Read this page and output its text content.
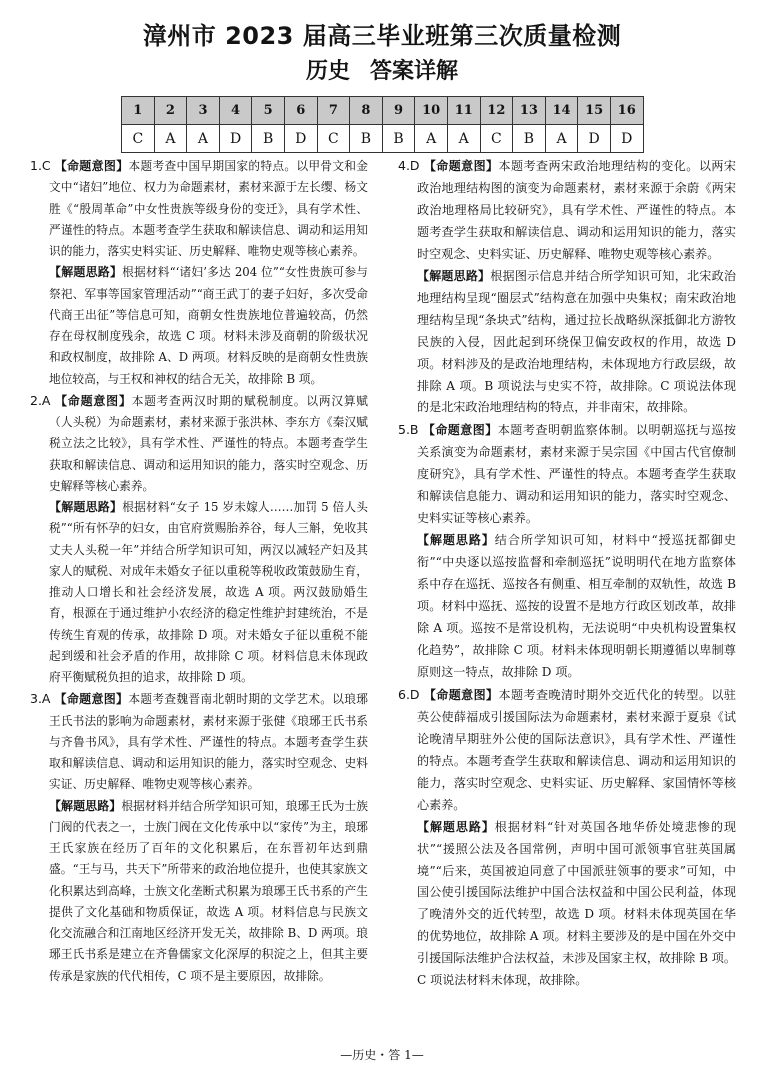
漳州市 2023 届高三毕业班第三次质量检测
历史 答案详解
1	2	3	4	5	6	7	8	9	10	11	12	13	14	15	16
C	A	A	D	B	D	C	B	B	A	A	C	B	A	D	D

1.C 【命题意图】本题考查中国早期国家的特点。以甲骨文和金文中“诸妇”地位、权力为命题素材，素材来源于左长缨、杨文胜《“殷周革命”中女性贵族等级身份的变迁》，具有学术性、严谨性的特点。本题考查学生获取和解读信息、调动和运用知识的能力，落实史料实证、历史解释、唯物史观等核心素养。

【解题思路】根据材料“‘诸妇’多达 204 位”“女性贵族可参与祭祀、军事等国家管理活动”“商王武丁的妻子妇好，多次受命代商王出征”等信息可知，商朝女性贵族地位普遍较高，仍然存在母权制度残余，故选 C 项。材料未涉及商朝的阶级状况和政权制度，故排除 A、D 两项。材料反映的是商朝女性贵族地位较高，与王权和神权的结合无关，故排除 B 项。

2.A 【命题意图】本题考查两汉时期的赋税制度。以两汉算赋（人头税）为命题素材，素材来源于张洪林、李东方《秦汉赋税立法之比较》，具有学术性、严谨性的特点。本题考查学生获取和解读信息、调动和运用知识的能力，落实时空观念、历史解释等核心素养。

【解题思路】根据材料“女子 15 岁未嫁人……加罚 5 倍人头税”“所有怀孕的妇女，由官府赏赐胎养谷，每人三斛，免收其丈夫人头税一年”并结合所学知识可知，两汉以减轻产妇及其家人的赋税、对成年未婚女子征以重税等税收政策鼓励生育，推动人口增长和社会经济发展，故选 A 项。两汉鼓励婚生育，根源在于通过维护小农经济的稳定性维护封建统治，不是传统生育观的传承，故排除 D 项。对未婚女子征以重税不能起到缓和社会矛盾的作用，故排除 C 项。材料信息未体现政府平衡赋税负担的追求，故排除 D 项。

3.A 【命题意图】本题考查魏晋南北朝时期的文学艺术。以琅琊王氏书法的影响为命题素材，素材来源于张健《琅琊王氏书系与齐鲁书风》，具有学术性、严谨性的特点。本题考查学生获取和解读信息、调动和运用知识的能力，落实时空观念、史料实证、历史解释、唯物史观等核心素养。

【解题思路】根据材料并结合所学知识可知，琅琊王氏为士族门阀的代表之一，士族门阀在文化传承中以“家传”为主，琅琊王氏家族在经历了百年的文化积累后，在东晋初年达到鼎盛。“王与马，共天下”所带来的政治地位提升，也使其家族文化积累达到高峰，士族文化垄断式积累为琅琊王氏书系的产生提供了文化基础和物质保证，故选 A 项。材料信息与民族文化交流融合和江南地区经济开发无关，故排除 B、D 两项。琅琊王氏书系是建立在齐鲁儒家文化深厚的积淀之上，但其主要传承是家族的代代相传，C 项不是主要原因，故排除。

4.D 【命题意图】本题考查两宋政治地理结构的变化。以两宋政治地理结构图的演变为命题素材，素材来源于余蔚《两宋政治地理格局比较研究》，具有学术性、严谨性的特点。本题考查学生获取和解读信息、调动和运用知识的能力，落实时空观念、史料实证、历史解释、唯物史观等核心素养。

【解题思路】根据图示信息并结合所学知识可知，北宋政治地理结构呈现“圈层式”结构意在加强中央集权；南宋政治地理结构呈现“条块式”结构，通过拉长战略纵深抵御北方游牧民族的入侵，因此起到环绕保卫偏安政权的作用，故选 D 项。材料涉及的是政治地理结构，未体现地方行政层级，故排除 A 项。B 项说法与史实不符，故排除。C 项说法体现的是北宋政治地理结构的特点，并非南宋，故排除。

5.B 【命题意图】本题考查明朝监察体制。以明朝巡抚与巡按关系演变为命题素材，素材来源于吴宗国《中国古代官僚制度研究》，具有学术性、严谨性的特点。本题考查学生获取和解读信息能力、调动和运用知识的能力，落实时空观念、史料实证等核心素养。

【解题思路】结合所学知识可知，材料中“授巡抚都御史衔”“中央逐以巡按监督和牵制巡抚”说明明代在地方监察体系中存在巡抚、巡按各有侧重、相互牵制的双轨性，故选 B 项。材料中巡抚、巡按的设置不是地方行政区划改革，故排除 A 项。巡按不是常设机构，无法说明“中央机构设置集权化趋势”，故排除 C 项。材料未体现明朝长期遵循以卑制尊原则这一特点，故排除 D 项。

6.D 【命题意图】本题考查晚清时期外交近代化的转型。以驻英公使薛福成引援国际法为命题素材，素材来源于夏泉《试论晚清早期驻外公使的国际法意识》，具有学术性、严谨性的特点。本题考查学生获取和解读信息、调动和运用知识的能力，落实时空观念、史料实证、历史解释、家国情怀等核心素养。

【解题思路】根据材料“针对英国各地华侨处境悲惨的现状”“援照公法及各国常例，声明中国可派领事官驻英国属境”“后来，英国被迫同意了中国派驻领事的要求”可知，中国公使引援国际法维护中国合法权益和中国公民利益，体现了晚清外交的近代转型，故选 D 项。材料未体现英国在华的优势地位，故排除 A 项。材料主要涉及的是中国在外交中引援国际法维护合法权益，未涉及国家主权，故排除 B 项。C 项说法材料未体现，故排除。

—历史・答 1—
